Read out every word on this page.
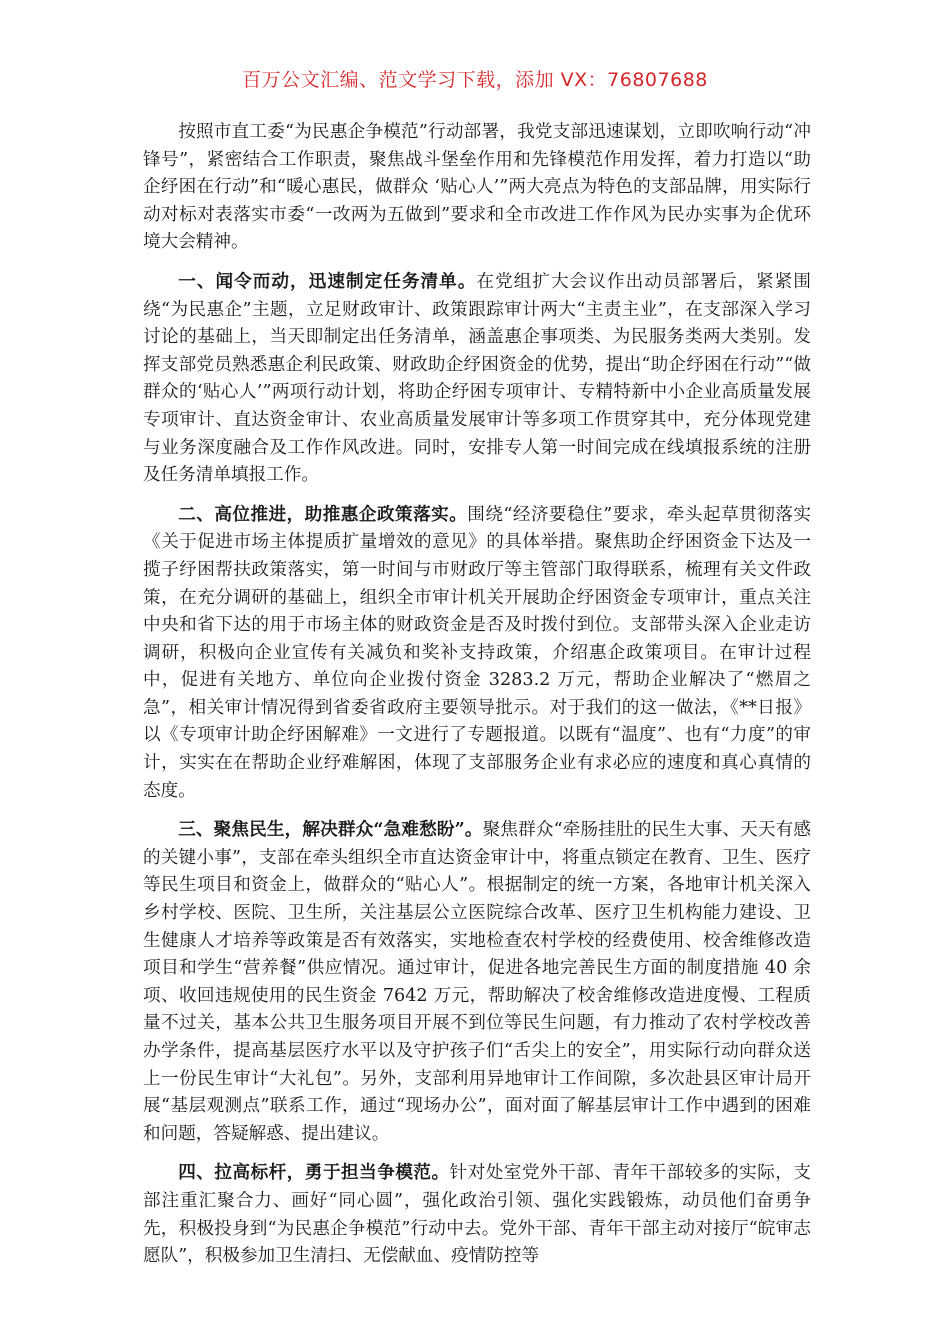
百万公文汇编、范文学习下载，添加 VX：76807688

按照市直工委“为民惠企争模范”行动部署，我党支部迅速谋划，立即吹响行动“冲锋号”，紧密结合工作职责，聚焦战斗堡垒作用和先锋模范作用发挥，着力打造以“助企纾困在行动”和“暖心惠民，做群众 ‘贴心人’”两大亮点为特色的支部品牌，用实际行动对标对表落实市委“一改两为五做到”要求和全市改进工作作风为民办实事为企优环境大会精神。

一、闻令而动，迅速制定任务清单。在党组扩大会议作出动员部署后，紧紧围绕“为民惠企”主题，立足财政审计、政策跟踪审计两大“主责主业”，在支部深入学习讨论的基础上，当天即制定出任务清单，涵盖惠企事项类、为民服务类两大类别。发挥支部党员熟悉惠企利民政策、财政助企纾困资金的优势，提出“助企纾困在行动”“做群众的‘贴心人’”两项行动计划，将助企纾困专项审计、专精特新中小企业高质量发展专项审计、直达资金审计、农业高质量发展审计等多项工作贯穿其中，充分体现党建与业务深度融合及工作作风改进。同时，安排专人第一时间完成在线填报系统的注册及任务清单填报工作。

二、高位推进，助推惠企政策落实。围绕“经济要稳住”要求，牵头起草贯彻落实《关于促进市场主体提质扩量增效的意见》的具体举措。聚焦助企纾困资金下达及一揽子纾困帮扶政策落实，第一时间与市财政厅等主管部门取得联系，梳理有关文件政策，在充分调研的基础上，组织全市审计机关开展助企纾困资金专项审计，重点关注中央和省下达的用于市场主体的财政资金是否及时拨付到位。支部带头深入企业走访调研，积极向企业宣传有关减负和奖补支持政策，介绍惠企政策项目。在审计过程中，促进有关地方、单位向企业拨付资金 3283.2 万元，帮助企业解决了“燃眉之急”，相关审计情况得到省委省政府主要领导批示。对于我们的这一做法，《**日报》以《专项审计助企纾困解难》一文进行了专题报道。以既有“温度”、也有“力度”的审计，实实在在帮助企业纾难解困，体现了支部服务企业有求必应的速度和真心真情的态度。

三、聚焦民生，解决群众“急难愁盼”。聚焦群众“牵肠挂肚的民生大事、天天有感的关键小事”，支部在牵头组织全市直达资金审计中，将重点锁定在教育、卫生、医疗等民生项目和资金上，做群众的“贴心人”。根据制定的统一方案，各地审计机关深入乡村学校、医院、卫生所，关注基层公立医院综合改革、医疗卫生机构能力建设、卫生健康人才培养等政策是否有效落实，实地检查农村学校的经费使用、校舍维修改造项目和学生“营养餐”供应情况。通过审计，促进各地完善民生方面的制度措施 40 余项、收回违规使用的民生资金 7642 万元，帮助解决了校舍维修改造进度慢、工程质量不过关，基本公共卫生服务项目开展不到位等民生问题，有力推动了农村学校改善办学条件，提高基层医疗水平以及守护孩子们“舌尖上的安全”，用实际行动向群众送上一份民生审计“大礼包”。另外，支部利用异地审计工作间隙，多次赴县区审计局开展“基层观测点”联系工作，通过“现场办公”，面对面了解基层审计工作中遇到的困难和问题，答疑解惑、提出建议。

四、拉高标杆，勇于担当争模范。针对处室党外干部、青年干部较多的实际，支部注重汇聚合力、画好“同心圆”，强化政治引领、强化实践锻炼，动员他们奋勇争先，积极投身到“为民惠企争模范”行动中去。党外干部、青年干部主动对接厅“皖审志愿队”，积极参加卫生清扫、无偿献血、疫情防控等
